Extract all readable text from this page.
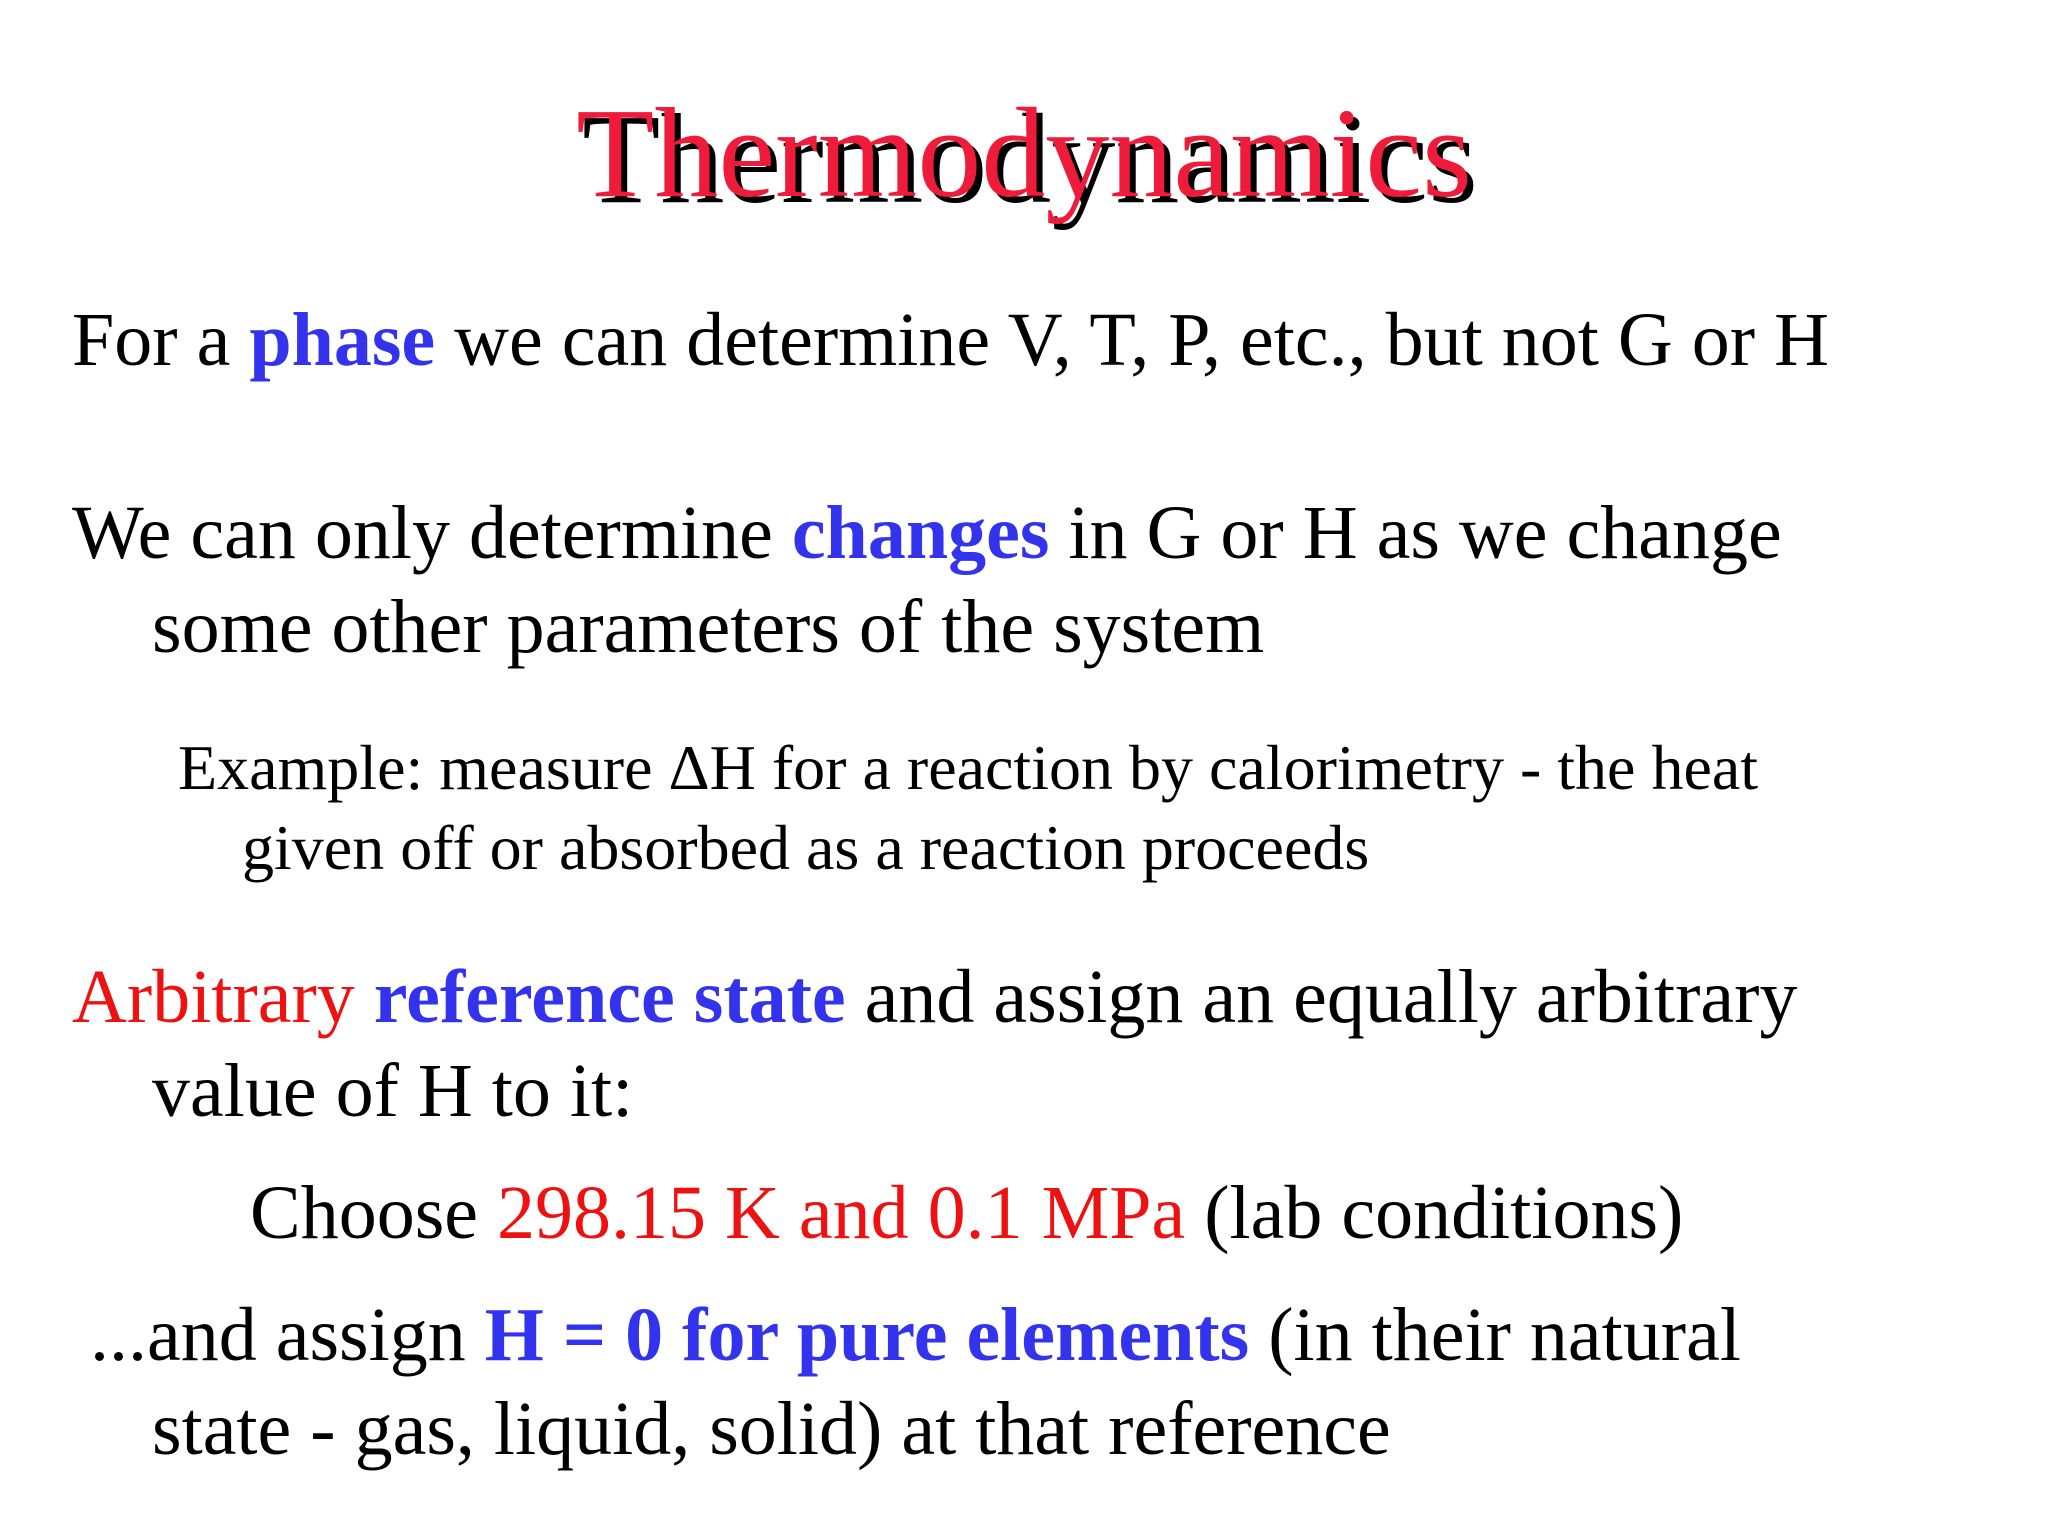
Thermodynamics

For a phase we can determine V, T, P, etc., but not G or H

We can only determine changes in G or H as we change

some other parameters of the system

Example: measure ΔH for a reaction by calorimetry - the heat

given off or absorbed as a reaction proceeds

Arbitrary reference state and assign an equally arbitrary

value of H to it:

Choose 298.15 K and 0.1 MPa (lab conditions)

...and assign H = 0 for pure elements (in their natural

state - gas, liquid, solid) at that reference
